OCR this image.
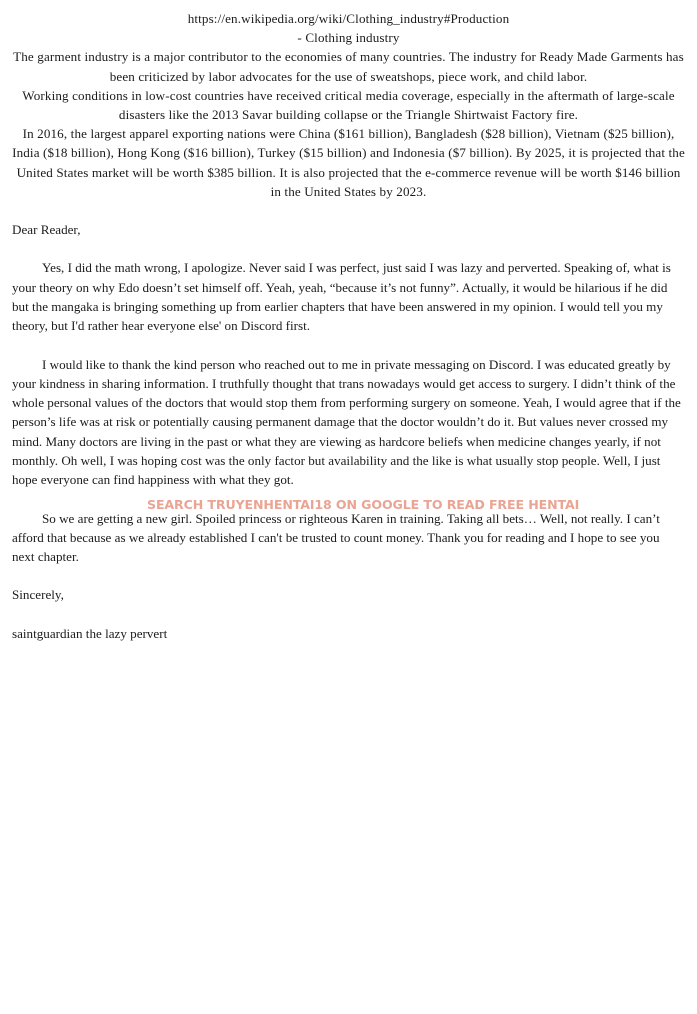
https://en.wikipedia.org/wiki/Clothing_industry#Production
- Clothing industry

The garment industry is a major contributor to the economies of many countries. The industry for Ready Made Garments has been criticized by labor advocates for the use of sweatshops, piece work, and child labor.

Working conditions in low-cost countries have received critical media coverage, especially in the aftermath of large-scale disasters like the 2013 Savar building collapse or the Triangle Shirtwaist Factory fire.

In 2016, the largest apparel exporting nations were China ($161 billion), Bangladesh ($28 billion), Vietnam ($25 billion), India ($18 billion), Hong Kong ($16 billion), Turkey ($15 billion) and Indonesia ($7 billion). By 2025, it is projected that the United States market will be worth $385 billion. It is also projected that the e-commerce revenue will be worth $146 billion in the United States by 2023.

Dear Reader,

Yes, I did the math wrong, I apologize. Never said I was perfect, just said I was lazy and perverted. Speaking of, what is your theory on why Edo doesn’t set himself off. Yeah, yeah, “because it’s not funny”. Actually, it would be hilarious if he did but the mangaka is bringing something up from earlier chapters that have been answered in my opinion. I would tell you my theory, but I'd rather hear everyone else' on Discord first.

I would like to thank the kind person who reached out to me in private messaging on Discord. I was educated greatly by your kindness in sharing information. I truthfully thought that trans nowadays would get access to surgery. I didn’t think of the whole personal values of the doctors that would stop them from performing surgery on someone. Yeah, I would agree that if the person’s life was at risk or potentially causing permanent damage that the doctor wouldn’t do it. But values never crossed my mind. Many doctors are living in the past or what they are viewing as hardcore beliefs when medicine changes yearly, if not monthly. Oh well, I was hoping cost was the only factor but availability and the like is what usually stop people. Well, I just hope everyone can find happiness with what they got.

So we are getting a new girl. Spoiled princess or righteous Karen in training. Taking all bets… Well, not really. I can’t afford that because as we already established I can't be trusted to count money. Thank you for reading and I hope to see you next chapter.

Sincerely,

saintguardian the lazy pervert

SEARCH TRUYENHENTAI18 ON GOOGLE TO READ FREE HENTAI
